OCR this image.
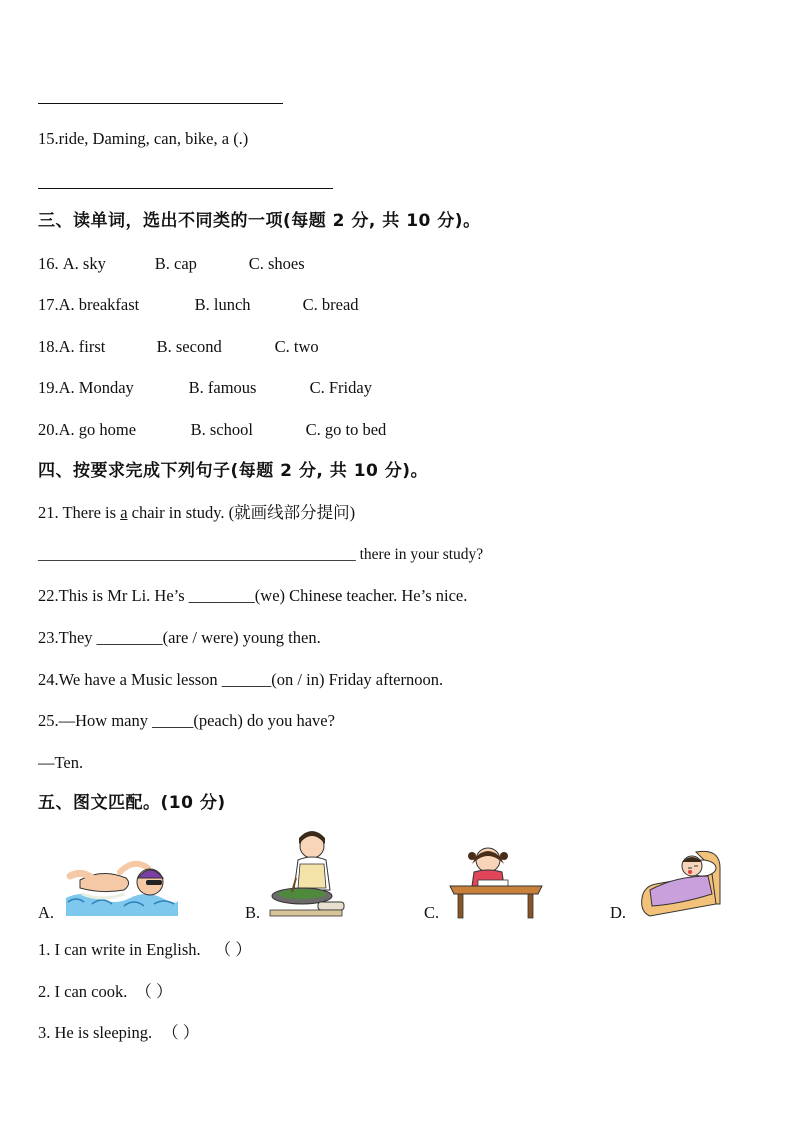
15.ride, Daming, can, bike, a (.)
三、读单词，选出不同类的一项(每题 2 分, 共 10 分)。
16. A. sky	B. cap	C. shoes
17.A. breakfast	B. lunch	C. bread
18.A. first	B. second	C. two
19.A. Monday	B. famous	C. Friday
20.A. go home	B. school	C. go to bed
四、按要求完成下列句子(每题 2 分, 共 10 分)。
21. There is a chair in study. (就画线部分提问)
_________________________________________ there in your study?
22.This is Mr Li. He’s ________(we) Chinese teacher. He’s nice.
23.They ________(are / were) young then.
24.We have a Music lesson ______(on / in) Friday afternoon.
25.—How many _____(peach) do you have?
—Ten.
五、图文匹配。(10 分)
A.	B.	C.	D.
1. I can write in English. （ ）
2. I can cook. （ ）
3. He is sleeping. （ ）
